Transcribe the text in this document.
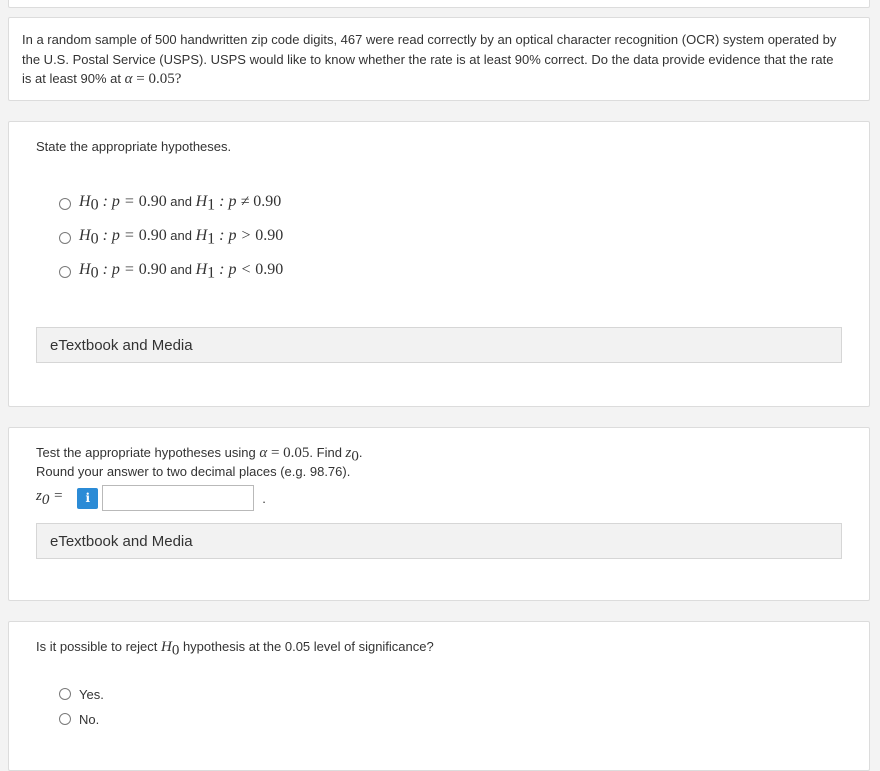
In a random sample of 500 handwritten zip code digits, 467 were read correctly by an optical character recognition (OCR) system operated by the U.S. Postal Service (USPS). USPS would like to know whether the rate is at least 90% correct. Do the data provide evidence that the rate is at least 90% at α = 0.05?
State the appropriate hypotheses.
$H_0$ : p = 0.90 and $H_1$ : p ≠ 0.90
$H_0$ : p = 0.90 and $H_1$ : p > 0.90
$H_0$ : p = 0.90 and $H_1$ : p < 0.90
eTextbook and Media
Test the appropriate hypotheses using α = 0.05. Find $z_0$.
Round your answer to two decimal places (e.g. 98.76).
$z_0$ =	i	.
eTextbook and Media
Is it possible to reject $H_0$ hypothesis at the 0.05 level of significance?
Yes.
No.
